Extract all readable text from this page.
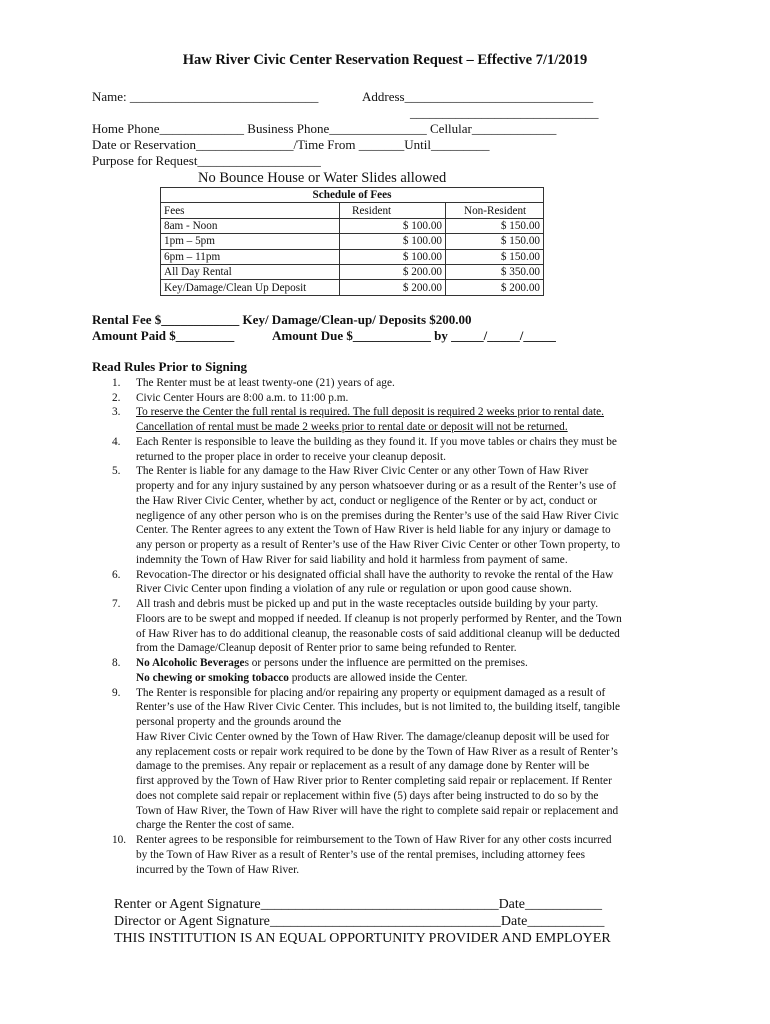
Haw River Civic Center Reservation Request – Effective 7/1/2019
Name: _____________________________	Address_____________________________
_____________________________
Home Phone_____________ Business Phone_______________ Cellular_____________
Date or Reservation_______________/Time From _______Until_________
Purpose for Request___________________
No Bounce House or Water Slides allowed
Schedule of Fees		
Fees	Resident	Non-Resident
8am - Noon	$ 100.00	$ 150.00
1pm – 5pm	$ 100.00	$ 150.00
6pm – 11pm	$ 100.00	$ 150.00
All Day Rental	$ 200.00	$ 350.00
Key/Damage/Clean Up Deposit	$ 200.00	$ 200.00
Rental Fee $____________ Key/ Damage/Clean-up/ Deposits $200.00
Amount Paid $_________	Amount Due $____________ by _____/_____/_____
Read Rules Prior to Signing
1. The Renter must be at least twenty-one (21) years of age.
2. Civic Center Hours are 8:00 a.m. to 11:00 p.m.
3. To reserve the Center the full rental is required. The full deposit is required 2 weeks prior to rental date.
Cancellation of rental must be made 2 weeks prior to rental date or deposit will not be returned.
4. Each Renter is responsible to leave the building as they found it. If you move tables or chairs they must be
returned to the proper place in order to receive your cleanup deposit.
5. The Renter is liable for any damage to the Haw River Civic Center or any other Town of Haw River
property and for any injury sustained by any person whatsoever during or as a result of the Renter’s use of
the Haw River Civic Center, whether by act, conduct or negligence of the Renter or by act, conduct or
negligence of any other person who is on the premises during the Renter’s use of the said Haw River Civic
Center. The Renter agrees to any extent the Town of Haw River is held liable for any injury or damage to
any person or property as a result of Renter’s use of the Haw River Civic Center or other Town property, to
indemnity the Town of Haw River for said liability and hold it harmless from payment of same.
6. Revocation-The director or his designated official shall have the authority to revoke the rental of the Haw
River Civic Center upon finding a violation of any rule or regulation or upon good cause shown.
7. All trash and debris must be picked up and put in the waste receptacles outside building by your party.
Floors are to be swept and mopped if needed. If cleanup is not properly performed by Renter, and the Town
of Haw River has to do additional cleanup, the reasonable costs of said additional cleanup will be deducted
from the Damage/Cleanup deposit of Renter prior to same being refunded to Renter.
8. No Alcoholic Beverages or persons under the influence are permitted on the premises.
No chewing or smoking tobacco products are allowed inside the Center.
9. The Renter is responsible for placing and/or repairing any property or equipment damaged as a result of
Renter’s use of the Haw River Civic Center. This includes, but is not limited to, the building itself, tangible
personal property and the grounds around the
Haw River Civic Center owned by the Town of Haw River. The damage/cleanup deposit will be used for
any replacement costs or repair work required to be done by the Town of Haw River as a result of Renter’s
damage to the premises. Any repair or replacement as a result of any damage done by Renter will be
first approved by the Town of Haw River prior to Renter completing said repair or replacement. If Renter
does not complete said repair or replacement within five (5) days after being instructed to do so by the
Town of Haw River, the Town of Haw River will have the right to complete said repair or replacement and
charge the Renter the cost of same.
10. Renter agrees to be responsible for reimbursement to the Town of Haw River for any other costs incurred
by the Town of Haw River as a result of Renter’s use of the rental premises, including attorney fees
incurred by the Town of Haw River.
Renter or Agent Signature__________________________________Date___________
Director or Agent Signature_________________________________Date___________
THIS INSTITUTION IS AN EQUAL OPPORTUNITY PROVIDER AND EMPLOYER
